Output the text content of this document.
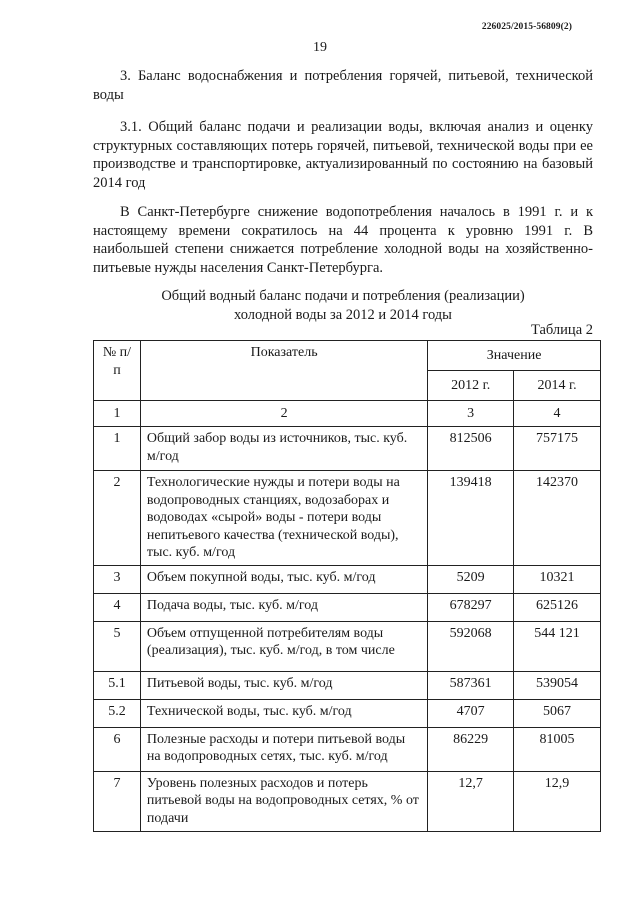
226025/2015-56809(2)
19
3. Баланс водоснабжения и потребления горячей, питьевой, технической воды
3.1. Общий баланс подачи и реализации воды, включая анализ и оценку структурных составляющих потерь горячей, питьевой, технической воды при ее производстве и транспортировке, актуализированный по состоянию на базовый 2014 год
В Санкт-Петербурге снижение водопотребления началось в 1991 г. и к настоящему времени сократилось на 44 процента к уровню 1991 г. В наибольшей степени снижается потребление холодной воды на хозяйственно-питьевые нужды населения Санкт-Петербурга.
Общий водный баланс подачи и потребления (реализации)
холодной воды за 2012 и 2014 годы
Таблица 2
№ п/п	Показатель	Значение	
		2012 г.	2014 г.
1	2	3	4
1	Общий забор воды из источников, тыс. куб. м/год	812506	757175
2	Технологические нужды и потери воды на водопроводных станциях, водозаборах и водоводах «сырой» воды - потери воды непитьевого качества (технической воды), тыс. куб. м/год	139418	142370
3	Объем покупной воды, тыс. куб. м/год	5209	10321
4	Подача воды, тыс. куб. м/год	678297	625126
5	Объем отпущенной потребителям воды (реализация), тыс. куб. м/год, в том числе	592068	544 121
5.1	Питьевой воды, тыс. куб. м/год	587361	539054
5.2	Технической воды, тыс. куб. м/год	4707	5067
6	Полезные расходы и потери питьевой воды на водопроводных сетях, тыс. куб. м/год	86229	81005
7	Уровень полезных расходов и потерь питьевой воды на водопроводных сетях, % от подачи	12,7	12,9
